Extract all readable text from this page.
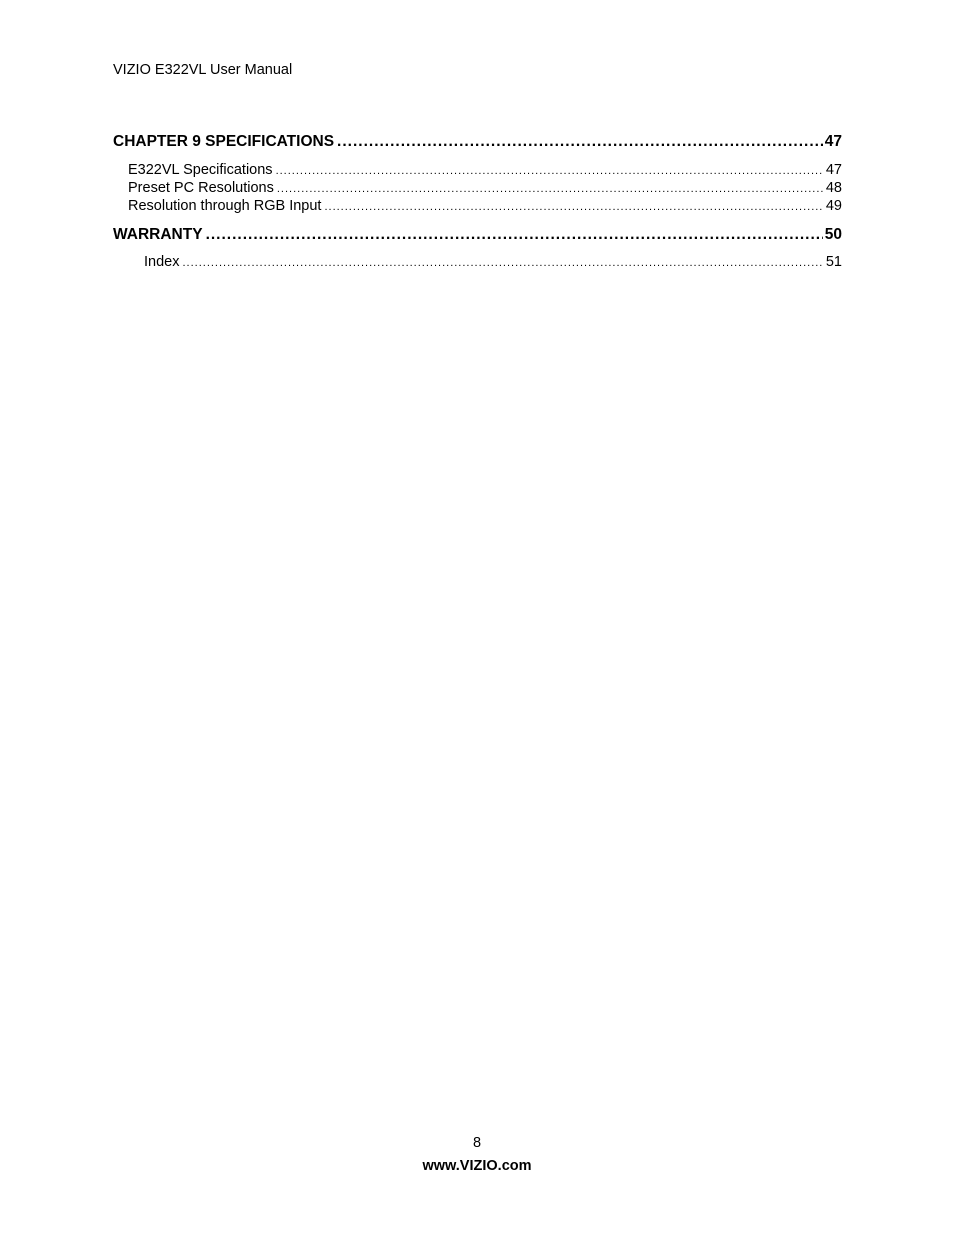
VIZIO E322VL User Manual
CHAPTER 9 SPECIFICATIONS .....	47
E322VL Specifications .....	47
Preset PC Resolutions .....	48
Resolution through RGB Input .....	49
WARRANTY .....	50
Index .....	51
8
www.VIZIO.com
